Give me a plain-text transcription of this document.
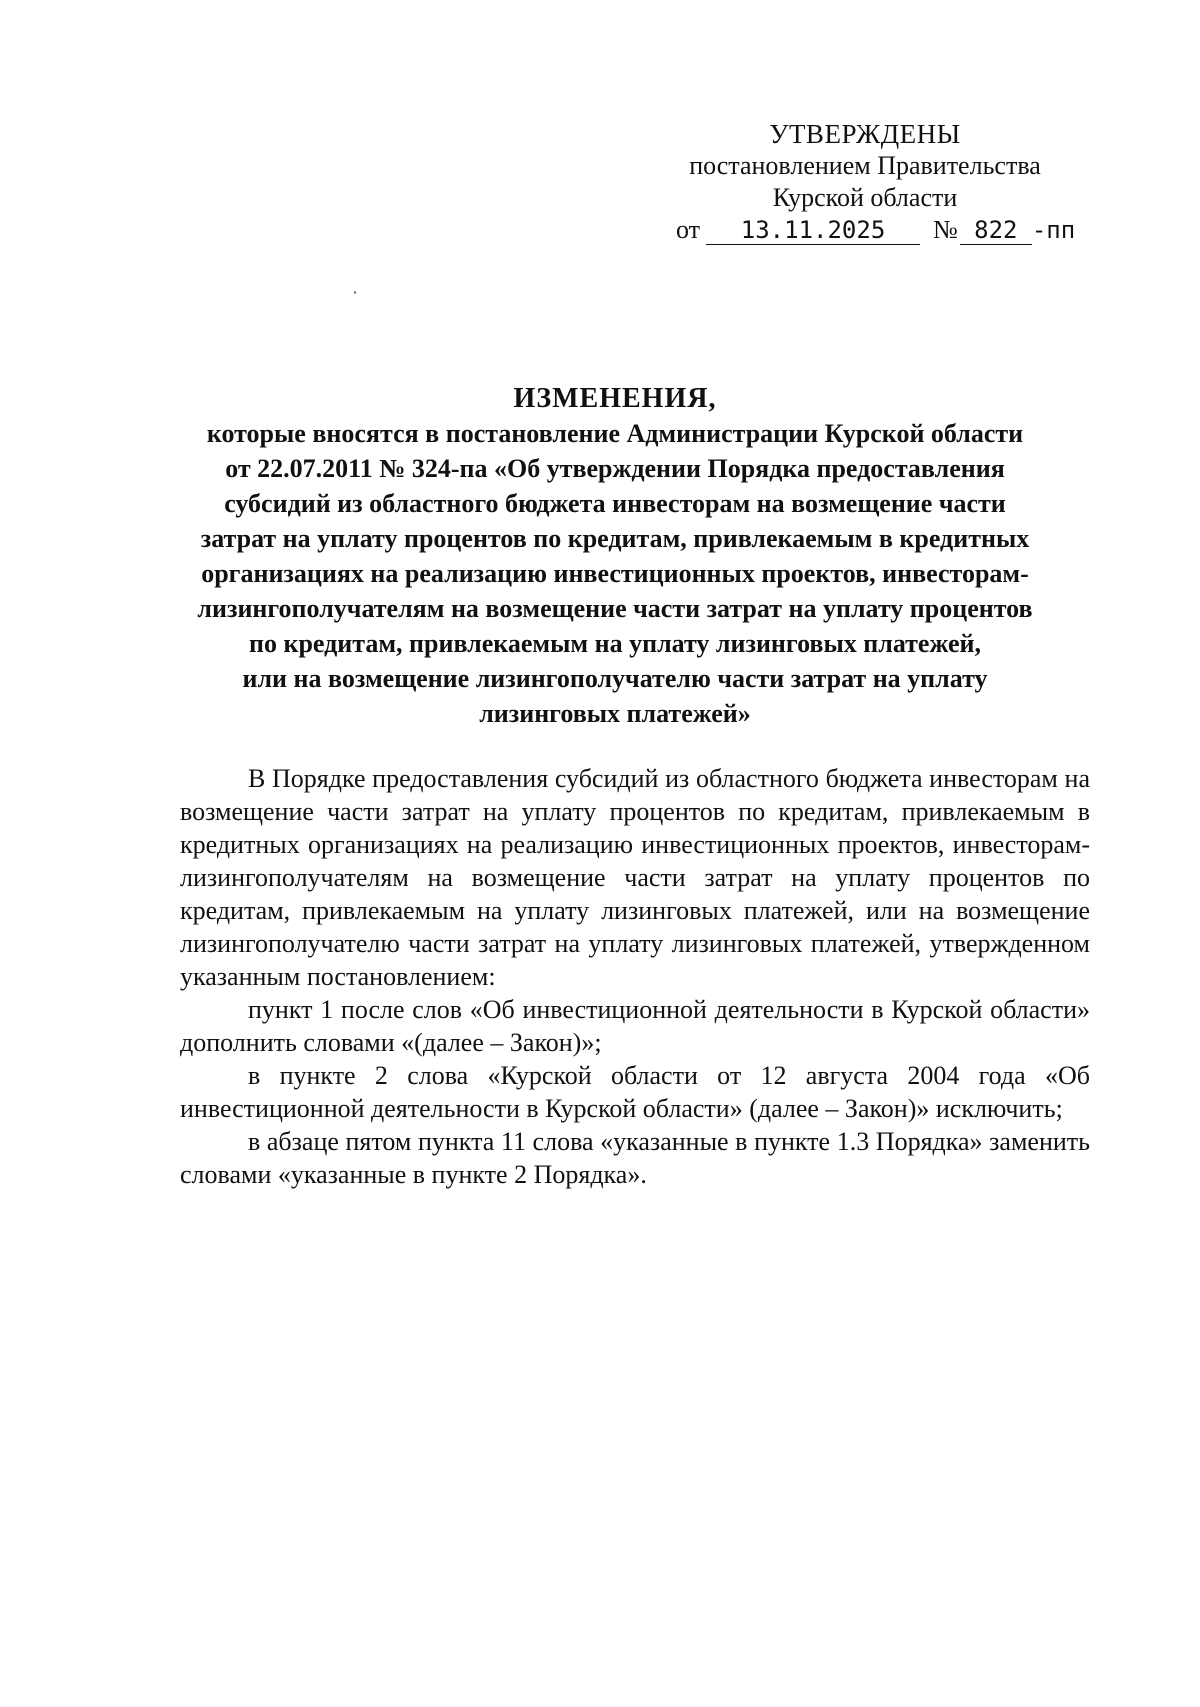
УТВЕРЖДЕНЫ
постановлением Правительства
Курской области
от 13.11.2025 № 822 -пп
ИЗМЕНЕНИЯ,
которые вносятся в постановление Администрации Курской области
от 22.07.2011 № 324-па «Об утверждении Порядка предоставления
субсидий из областного бюджета инвесторам на возмещение части
затрат на уплату процентов по кредитам, привлекаемым в кредитных
организациях на реализацию инвестиционных проектов, инвесторам-
лизингополучателям на возмещение части затрат на уплату процентов
по кредитам, привлекаемым на уплату лизинговых платежей,
или на возмещение лизингополучателю части затрат на уплату
лизинговых платежей»

В Порядке предоставления субсидий из областного бюджета инвесторам на возмещение части затрат на уплату процентов по кредитам, привлекаемым в кредитных организациях на реализацию инвестиционных проектов, инвесторам-лизингополучателям на возмещение части затрат на уплату процентов по кредитам, привлекаемым на уплату лизинговых платежей, или на возмещение лизингополучателю части затрат на уплату лизинговых платежей, утвержденном указанным постановлением:

пункт 1 после слов «Об инвестиционной деятельности в Курской области» дополнить словами «(далее – Закон)»;

в пункте 2 слова «Курской области от 12 августа 2004 года «Об инвестиционной деятельности в Курской области» (далее – Закон)» исключить;

в абзаце пятом пункта 11 слова «указанные в пункте 1.3 Порядка» заменить словами «указанные в пункте 2 Порядка».
